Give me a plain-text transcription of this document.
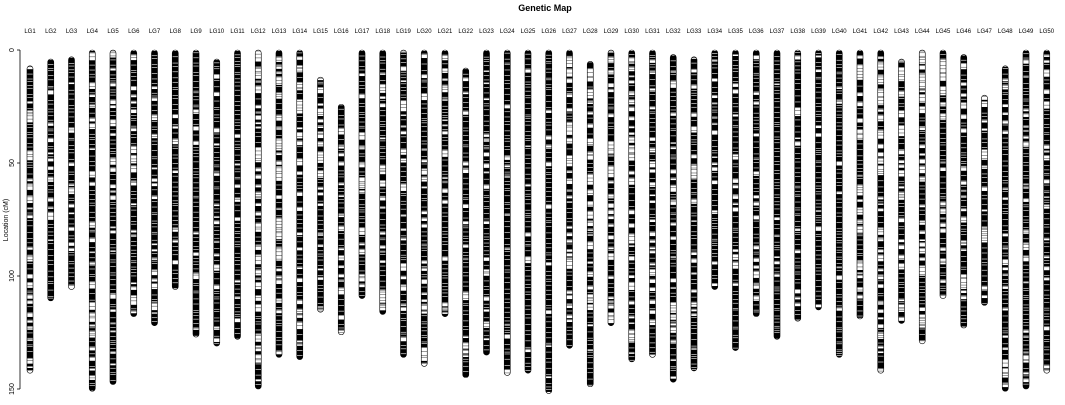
Genetic Map
LG1 LG2 LG3 LG4 LG5 LG6 LG7 LG8 LG9 LG10 LG11 LG12 LG13 LG14 LG15 LG16 LG17 LG18 LG19 LG20 LG21 LG22 LG23 LG24 LG25 LG26 LG27 LG28 LG29 LG30 LG31 LG32 LG33 LG34 LG35 LG36 LG37 LG38 LG39 LG40 LG41 LG42 LG43 LG44 LG45 LG46 LG47 LG48 LG49 LG50
Location (cM)
0
50
100
150
